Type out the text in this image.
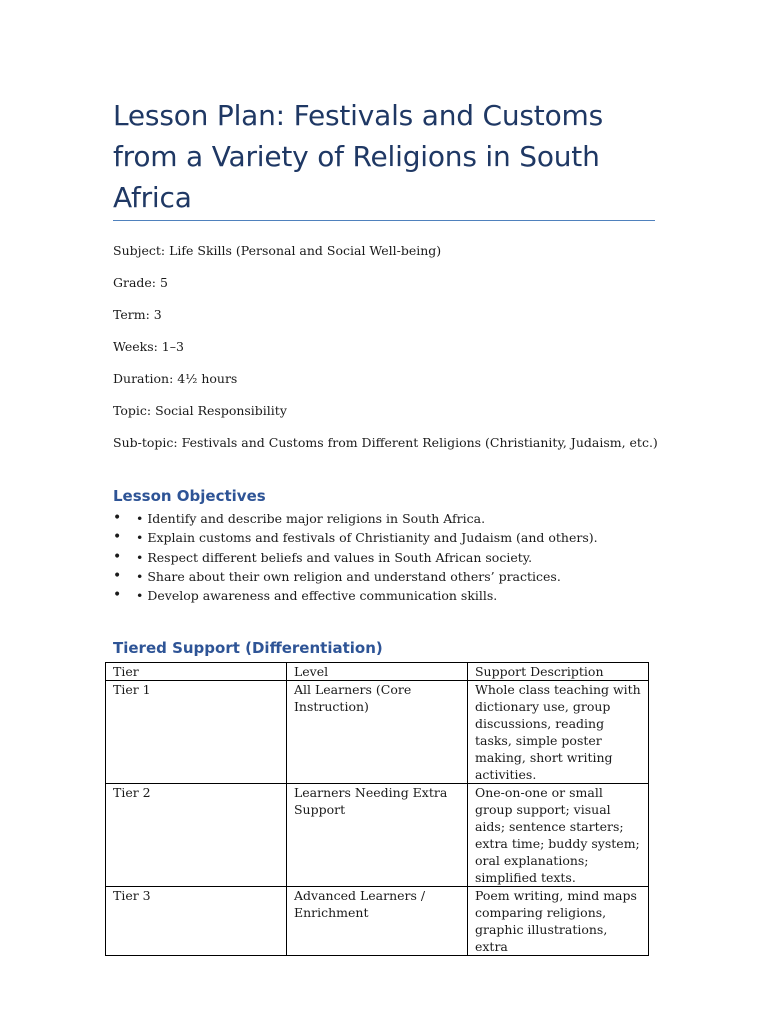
Lesson Plan: Festivals and Customs from a Variety of Religions in South Africa

Subject: Life Skills (Personal and Social Well-being)

Grade: 5

Term: 3

Weeks: 1–3

Duration: 4½ hours

Topic: Social Responsibility

Sub-topic: Festivals and Customs from Different Religions (Christianity, Judaism, etc.)

Lesson Objectives
• • Identify and describe major religions in South Africa.
• • Explain customs and festivals of Christianity and Judaism (and others).
• • Respect different beliefs and values in South African society.
• • Share about their own religion and understand others’ practices.
• • Develop awareness and effective communication skills.
Tiered Support (Differentiation)
Tier	Level	Support Description
Tier 1	All Learners (Core Instruction)	Whole class teaching with dictionary use, group discussions, reading tasks, simple poster making, short writing activities.
Tier 2	Learners Needing Extra Support	One-on-one or small group support; visual aids; sentence starters; extra time; buddy system; oral explanations; simplified texts.
Tier 3	Advanced Learners / Enrichment	Poem writing, mind maps comparing religions, graphic illustrations, extra
